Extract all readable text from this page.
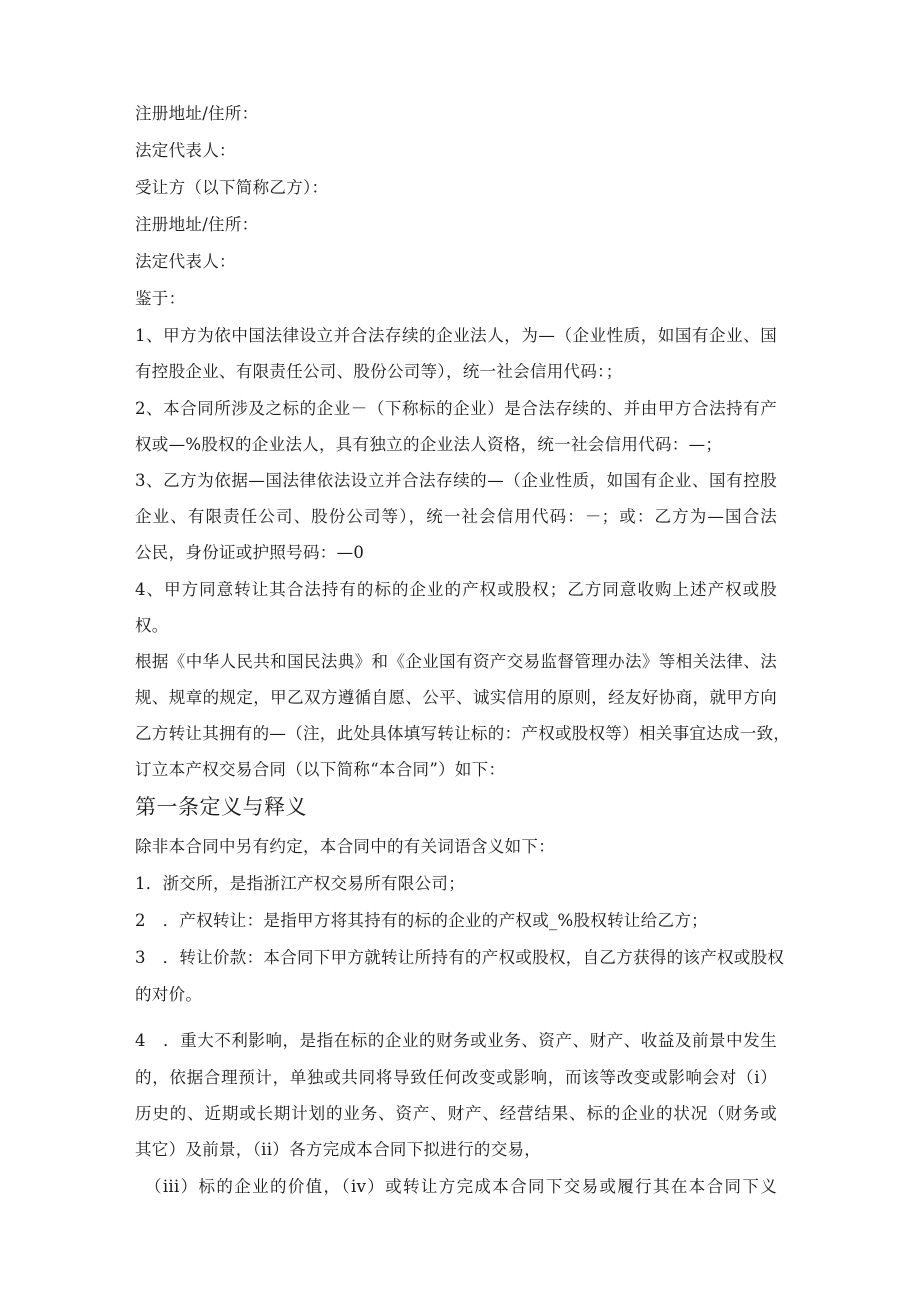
注册地址/住所：
法定代表人：
受让方（以下简称乙方）：
注册地址/住所：
法定代表人：
鉴于：
1、甲方为依中国法律设立并合法存续的企业法人，为—（企业性质，如国有企业、国
有控股企业、有限责任公司、股份公司等），统一社会信用代码：；
2、本合同所涉及之标的企业－（下称标的企业）是合法存续的、并由甲方合法持有产
权或—%股权的企业法人，具有独立的企业法人资格，统一社会信用代码：—；
3、乙方为依据—国法律依法设立并合法存续的—（企业性质，如国有企业、国有控股
企业、有限责任公司、股份公司等），统一社会信用代码：－；或：乙方为—国合法
公民，身份证或护照号码：—0
4、甲方同意转让其合法持有的标的企业的产权或股权；乙方同意收购上述产权或股
权。
根据《中华人民共和国民法典》和《企业国有资产交易监督管理办法》等相关法律、法
规、规章的规定，甲乙双方遵循自愿、公平、诚实信用的原则，经友好协商，就甲方向
乙方转让其拥有的—（注，此处具体填写转让标的：产权或股权等）相关事宜达成一致，
订立本产权交易合同（以下简称“本合同”）如下：
第一条定义与释义
除非本合同中另有约定，本合同中的有关词语含义如下：
1．浙交所，是指浙江产权交易所有限公司；
2　．产权转让：是指甲方将其持有的标的企业的产权或_%股权转让给乙方；
3　．转让价款：本合同下甲方就转让所持有的产权或股权，自乙方获得的该产权或股权
的对价。
4　．重大不利影响，是指在标的企业的财务或业务、资产、财产、收益及前景中发生
的，依据合理预计，单独或共同将导致任何改变或影响，而该等改变或影响会对（i）
历史的、近期或长期计划的业务、资产、财产、经营结果、标的企业的状况（财务或
其它）及前景，（ii）各方完成本合同下拟进行的交易，
（iii）标的企业的价值，（iv）或转让方完成本合同下交易或履行其在本合同下义
